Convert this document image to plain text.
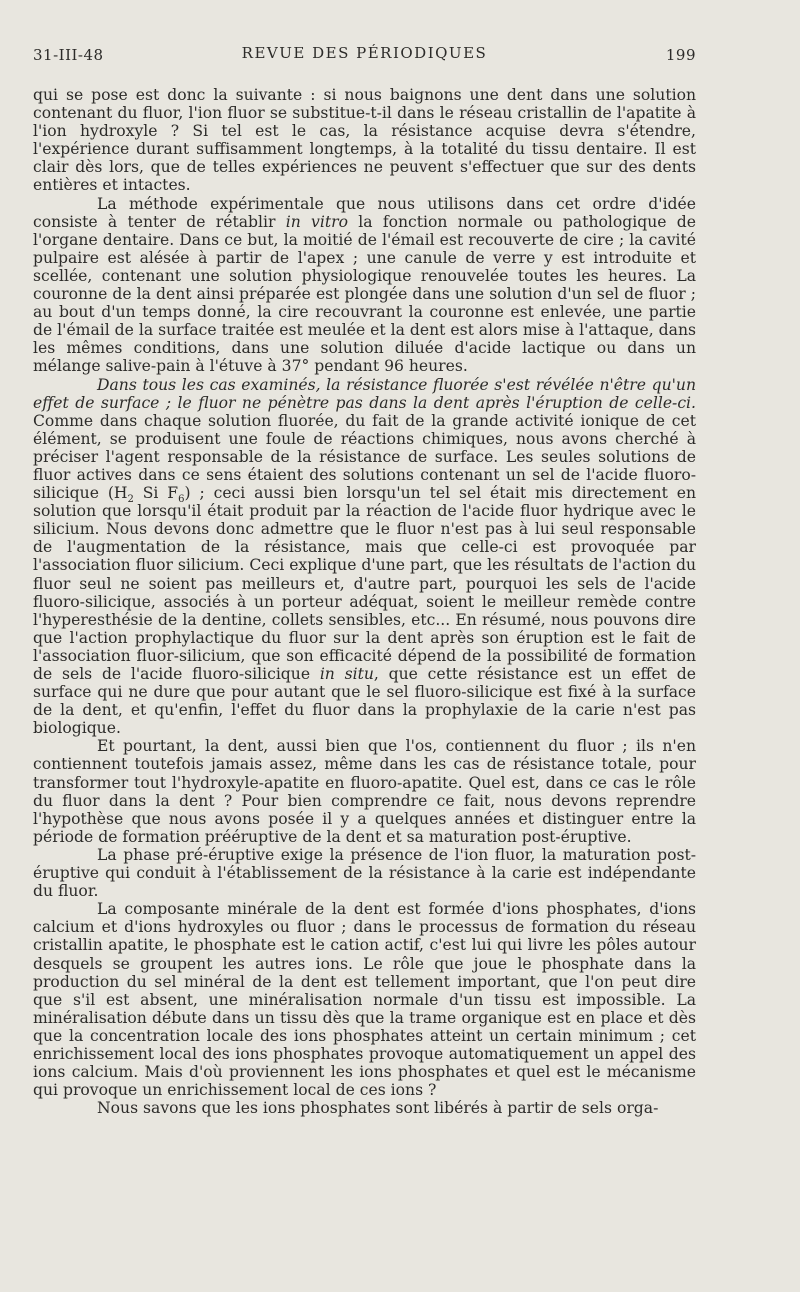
31-III-48	REVUE DES PÉRIODIQUES	199

qui se pose est donc la suivante : si nous baignons une dent dans une solution contenant du fluor, l'ion fluor se substitue-t-il dans le réseau cristallin de l'apatite à l'ion hydroxyle ? Si tel est le cas, la résistance acquise devra s'étendre, l'expérience durant suffisamment longtemps, à la totalité du tissu dentaire. Il est clair dès lors, que de telles expériences ne peuvent s'effectuer que sur des dents entières et intactes.

La méthode expérimentale que nous utilisons dans cet ordre d'idée consiste à tenter de rétablir in vitro la fonction normale ou pathologique de l'organe dentaire. Dans ce but, la moitié de l'émail est recouverte de cire ; la cavité pulpaire est alésée à partir de l'apex ; une canule de verre y est introduite et scellée, contenant une solution physiologique renouvelée toutes les heures. La couronne de la dent ainsi préparée est plongée dans une solution d'un sel de fluor ; au bout d'un temps donné, la cire recouvrant la couronne est enlevée, une partie de l'émail de la surface traitée est meulée et la dent est alors mise à l'attaque, dans les mêmes conditions, dans une solution diluée d'acide lactique ou dans un mélange salive-pain à l'étuve à 37° pendant 96 heures.

Dans tous les cas examinés, la résistance fluorée s'est révélée n'être qu'un effet de surface ; le fluor ne pénètre pas dans la dent après l'éruption de celle-ci. Comme dans chaque solution fluorée, du fait de la grande activité ionique de cet élément, se produisent une foule de réactions chimiques, nous avons cherché à préciser l'agent responsable de la résistance de surface. Les seules solutions de fluor actives dans ce sens étaient des solutions contenant un sel de l'acide fluoro-silicique ($H_2$ Si $F_6$) ; ceci aussi bien lorsqu'un tel sel était mis directement en solution que lorsqu'il était produit par la réaction de l'acide fluor hydrique avec le silicium. Nous devons donc admettre que le fluor n'est pas à lui seul responsable de l'augmentation de la résistance, mais que celle-ci est provoquée par l'association fluor silicium. Ceci explique d'une part, que les résultats de l'action du fluor seul ne soient pas meilleurs et, d'autre part, pourquoi les sels de l'acide fluoro-silicique, associés à un porteur adéquat, soient le meilleur remède contre l'hyperesthésie de la dentine, collets sensibles, etc... En résumé, nous pouvons dire que l'action prophylactique du fluor sur la dent après son éruption est le fait de l'association fluor-silicium, que son efficacité dépend de la possibilité de formation de sels de l'acide fluoro-silicique in situ, que cette résistance est un effet de surface qui ne dure que pour autant que le sel fluoro-silicique est fixé à la surface de la dent, et qu'enfin, l'effet du fluor dans la prophylaxie de la carie n'est pas biologique.

Et pourtant, la dent, aussi bien que l'os, contiennent du fluor ; ils n'en contiennent toutefois jamais assez, même dans les cas de résistance totale, pour transformer tout l'hydroxyle-apatite en fluoro-apatite. Quel est, dans ce cas le rôle du fluor dans la dent ? Pour bien comprendre ce fait, nous devons reprendre l'hypothèse que nous avons posée il y a quelques années et distinguer entre la période de formation prééruptive de la dent et sa maturation post-éruptive.

La phase pré-éruptive exige la présence de l'ion fluor, la maturation post-éruptive qui conduit à l'établissement de la résistance à la carie est indépendante du fluor.

La composante minérale de la dent est formée d'ions phosphates, d'ions calcium et d'ions hydroxyles ou fluor ; dans le processus de formation du réseau cristallin apatite, le phosphate est le cation actif, c'est lui qui livre les pôles autour desquels se groupent les autres ions. Le rôle que joue le phosphate dans la production du sel minéral de la dent est tellement important, que l'on peut dire que s'il est absent, une minéralisation normale d'un tissu est impossible. La minéralisation débute dans un tissu dès que la trame organique est en place et dès que la concentration locale des ions phosphates atteint un certain minimum ; cet enrichissement local des ions phosphates provoque automatiquement un appel des ions calcium. Mais d'où proviennent les ions phosphates et quel est le mécanisme qui provoque un enrichissement local de ces ions ?

Nous savons que les ions phosphates sont libérés à partir de sels orga-
